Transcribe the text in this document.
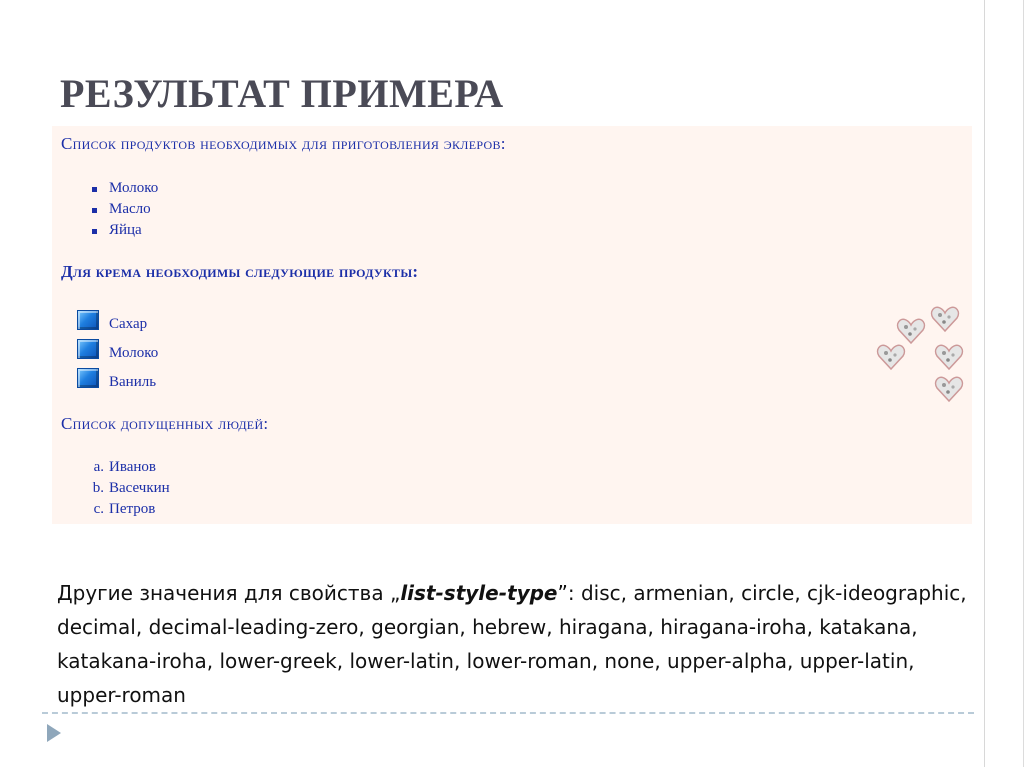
РЕЗУЛЬТАТ ПРИМЕРА

Список продуктов необходимых для приготовления эклеров:

Молоко
Масло
Яйца

Для крема необходимы следующие продукты:

Сахар
Молоко
Ваниль

Список допущенных людей:

a. Иванов
b. Васечкин
c. Петров

Другие значения для свойства „list-style-type”: disc, armenian, circle, cjk-ideographic, decimal, decimal-leading-zero, georgian, hebrew, hiragana, hiragana-iroha, katakana, katakana-iroha, lower-greek, lower-latin, lower-roman, none, upper-alpha, upper-latin, upper-roman
